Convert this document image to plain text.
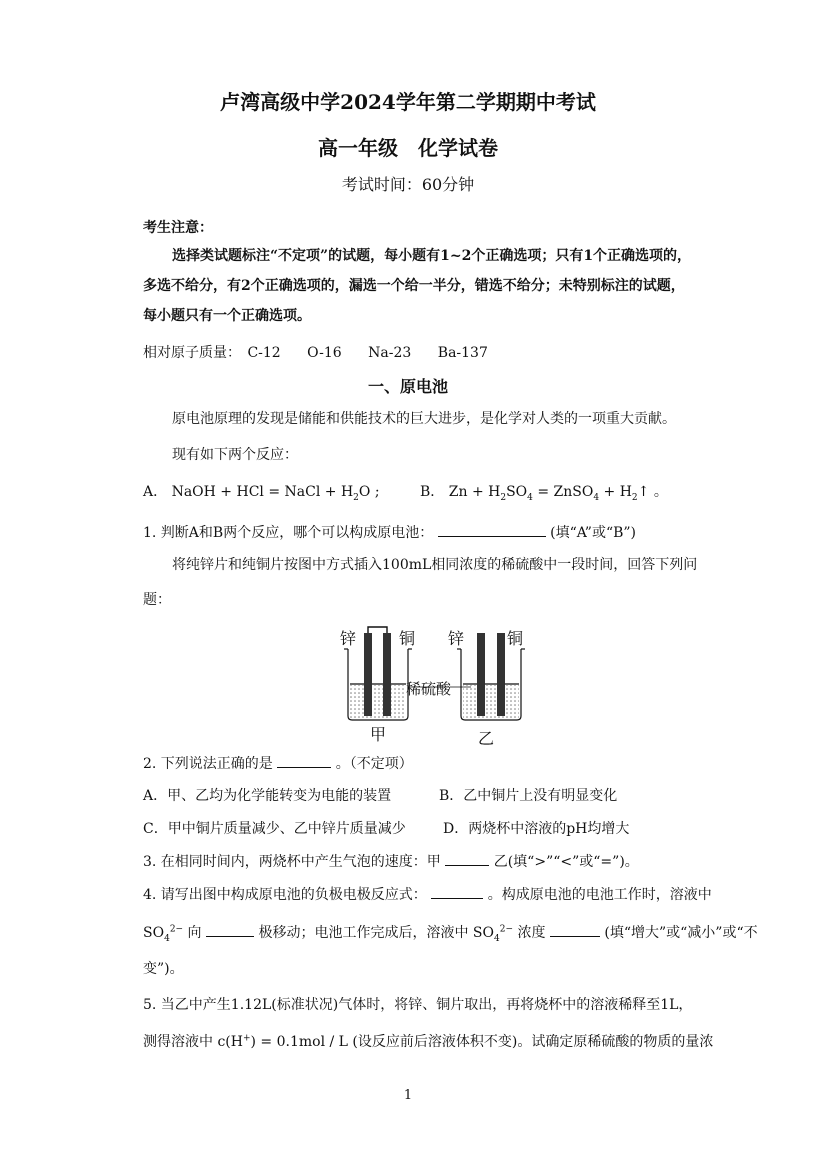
卢湾高级中学2024学年第二学期期中考试
高一年级　化学试卷
考试时间：60分钟
考生注意：
选择类试题标注“不定项”的试题，每小题有1~2个正确选项；只有1个正确选项的，
多选不给分，有2个正确选项的，漏选一个给一半分，错选不给分；未特别标注的试题，
每小题只有一个正确选项。
相对原子质量： C-12 O-16 Na-23 Ba-137
一、原电池
原电池原理的发现是储能和供能技术的巨大进步，是化学对人类的一项重大贡献。
现有如下两个反应：
A． NaOH + HCl = NaCl + $H_2O$ ;	B． $Zn + H_2SO_4$ = ZnSO$_4$ + $H_2↑$ 。
1. 判断A和B两个反应，哪个可以构成原电池：	(填“A”或“B”)
将纯锌片和纯铜片按图中方式插入100mL相同浓度的稀硫酸中一段时间，回答下列问
题：
锌	铜 锌	铜
稀硫酸
甲	乙
2. 下列说法正确的是	。（不定项）
A．甲、乙均为化学能转变为电能的装置	B．乙中铜片上没有明显变化
C．甲中铜片质量减少、乙中锌片质量减少	D．两烧杯中溶液的pH均增大
3. 在相同时间内，两烧杯中产生气泡的速度：甲	乙(填“>”“<”或“=”)。
4. 请写出图中构成原电池的负极电极反应式：	。构成原电池的电池工作时，溶液中
$SO_4^{2-}$ 向	极移动；电池工作完成后，溶液中 $SO_4^{2-}$ 浓度	(填“增大”或“减小”或“不
变”)。
5. 当乙中产生1.12L(标准状况)气体时，将锌、铜片取出，再将烧杯中的溶液稀释至1L，
测得溶液中 c(H+) = 0.1mol / L (设反应前后溶液体积不变)。试确定原稀硫酸的物质的量浓
1
